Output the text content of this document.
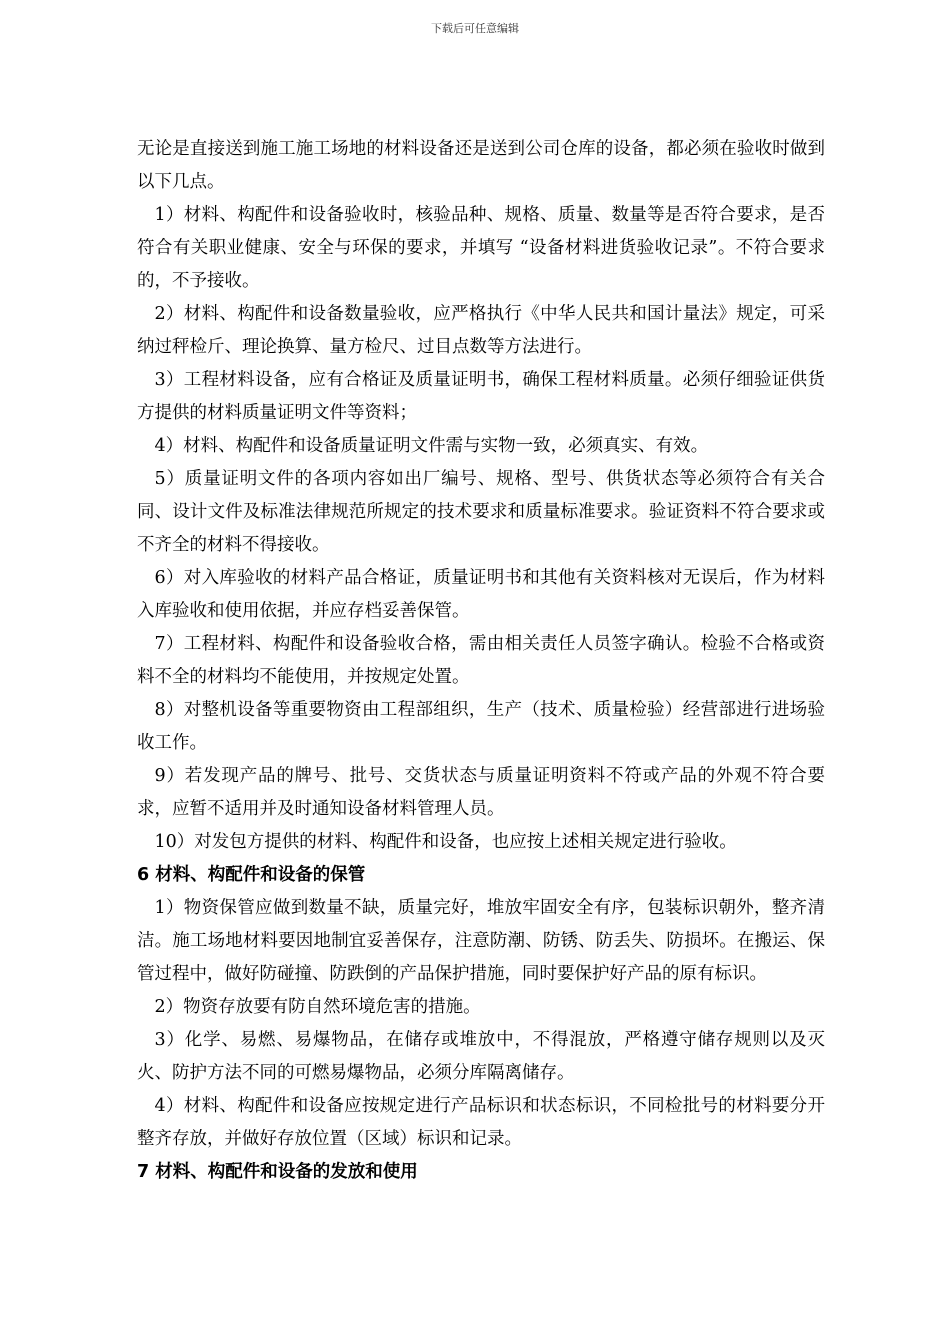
下载后可任意编辑

无论是直接送到施工施工场地的材料设备还是送到公司仓库的设备，都必须在验收时做到以下几点。

1）材料、构配件和设备验收时，核验品种、规格、质量、数量等是否符合要求，是否符合有关职业健康、安全与环保的要求，并填写 “设备材料进货验收记录”。不符合要求的，不予接收。

2）材料、构配件和设备数量验收，应严格执行《中华人民共和国计量法》规定，可采纳过秤检斤、理论换算、量方检尺、过目点数等方法进行。

3）工程材料设备，应有合格证及质量证明书，确保工程材料质量。必须仔细验证供货方提供的材料质量证明文件等资料；

4）材料、构配件和设备质量证明文件需与实物一致，必须真实、有效。

5）质量证明文件的各项内容如出厂编号、规格、型号、供货状态等必须符合有关合同、设计文件及标准法律规范所规定的技术要求和质量标准要求。验证资料不符合要求或不齐全的材料不得接收。

6）对入库验收的材料产品合格证，质量证明书和其他有关资料核对无误后，作为材料入库验收和使用依据，并应存档妥善保管。

7）工程材料、构配件和设备验收合格，需由相关责任人员签字确认。检验不合格或资料不全的材料均不能使用，并按规定处置。

8）对整机设备等重要物资由工程部组织，生产（技术、质量检验）经营部进行进场验收工作。

9）若发现产品的牌号、批号、交货状态与质量证明资料不符或产品的外观不符合要求，应暂不适用并及时通知设备材料管理人员。

10）对发包方提供的材料、构配件和设备，也应按上述相关规定进行验收。

6 材料、构配件和设备的保管

1）物资保管应做到数量不缺，质量完好，堆放牢固安全有序，包装标识朝外，整齐清洁。施工场地材料要因地制宜妥善保存，注意防潮、防锈、防丢失、防损坏。在搬运、保管过程中，做好防碰撞、防跌倒的产品保护措施，同时要保护好产品的原有标识。

2）物资存放要有防自然环境危害的措施。

3）化学、易燃、易爆物品，在储存或堆放中，不得混放，严格遵守储存规则以及灭火、防护方法不同的可燃易爆物品，必须分库隔离储存。

4）材料、构配件和设备应按规定进行产品标识和状态标识，不同检批号的材料要分开整齐存放，并做好存放位置（区域）标识和记录。

7 材料、构配件和设备的发放和使用
